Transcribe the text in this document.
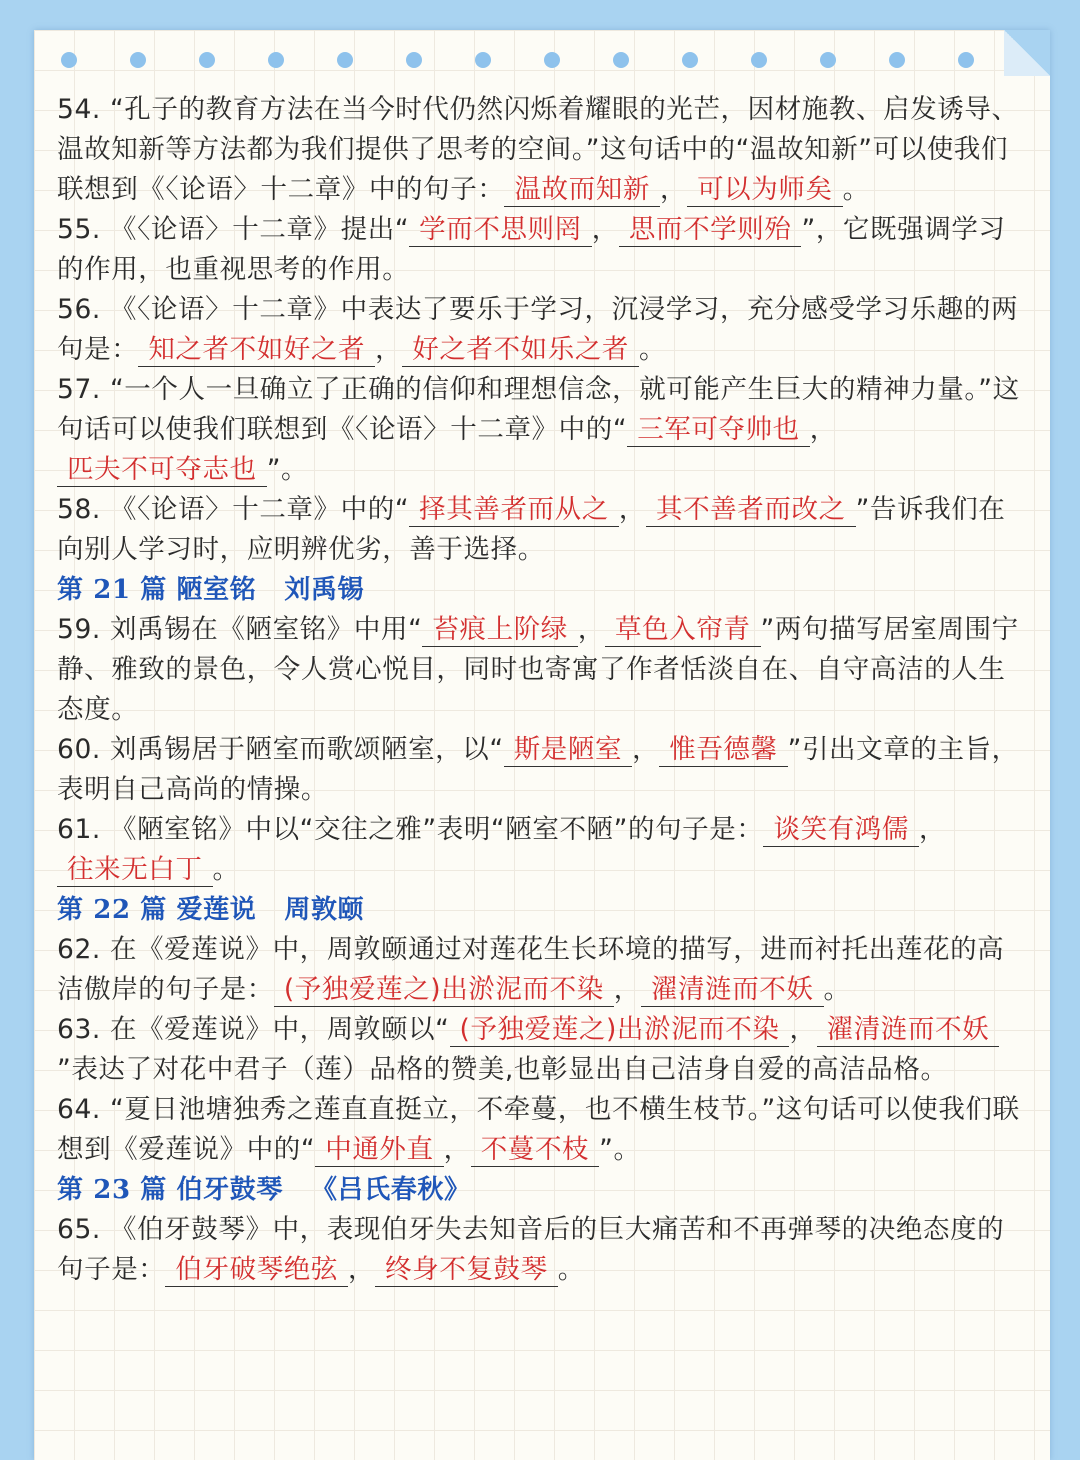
54. “孔子的教育方法在当今时代仍然闪烁着耀眼的光芒，因材施教、启发诱导、温故知新等方法都为我们提供了思考的空间。”这句话中的“温故知新”可以使我们联想到《〈论语〉十二章》中的句子： 温故而知新 ， 可以为师矣 。

55. 《〈论语〉十二章》提出“ 学而不思则罔 ， 思而不学则殆 ”，它既强调学习的作用，也重视思考的作用。

56. 《〈论语〉十二章》中表达了要乐于学习，沉浸学习，充分感受学习乐趣的两句是： 知之者不如好之者 ， 好之者不如乐之者 。

57. “一个人一旦确立了正确的信仰和理想信念，就可能产生巨大的精神力量。”这句话可以使我们联想到《〈论语〉十二章》中的“ 三军可夺帅也 ，匹夫不可夺志也 ”。

58. 《〈论语〉十二章》中的“ 择其善者而从之 ， 其不善者而改之 ”告诉我们在向别人学习时，应明辨优劣，善于选择。

第 21 篇 陋室铭 刘禹锡

59. 刘禹锡在《陋室铭》中用“ 苔痕上阶绿 ， 草色入帘青 ”两句描写居室周围宁静、雅致的景色，令人赏心悦目，同时也寄寓了作者恬淡自在、自守高洁的人生态度。

60. 刘禹锡居于陋室而歌颂陋室，以“ 斯是陋室 ， 惟吾德馨 ”引出文章的主旨，表明自己高尚的情操。

61. 《陋室铭》中以“交往之雅”表明“陋室不陋”的句子是： 谈笑有鸿儒 ，往来无白丁 。

第 22 篇 爱莲说 周敦颐

62. 在《爱莲说》中，周敦颐通过对莲花生长环境的描写，进而衬托出莲花的高洁傲岸的句子是： (予独爱莲之)出淤泥而不染 ， 濯清涟而不妖 。

63. 在《爱莲说》中，周敦颐以“ (予独爱莲之)出淤泥而不染 ， 濯清涟而不妖”表达了对花中君子（莲）品格的赞美,也彰显出自己洁身自爱的高洁品格。

64. “夏日池塘独秀之莲直直挺立，不牵蔓，也不横生枝节。”这句话可以使我们联想到《爱莲说》中的“ 中通外直 ， 不蔓不枝 ”。

第 23 篇 伯牙鼓琴 《吕氏春秋》

65. 《伯牙鼓琴》中，表现伯牙失去知音后的巨大痛苦和不再弹琴的决绝态度的句子是： 伯牙破琴绝弦 ， 终身不复鼓琴 。
